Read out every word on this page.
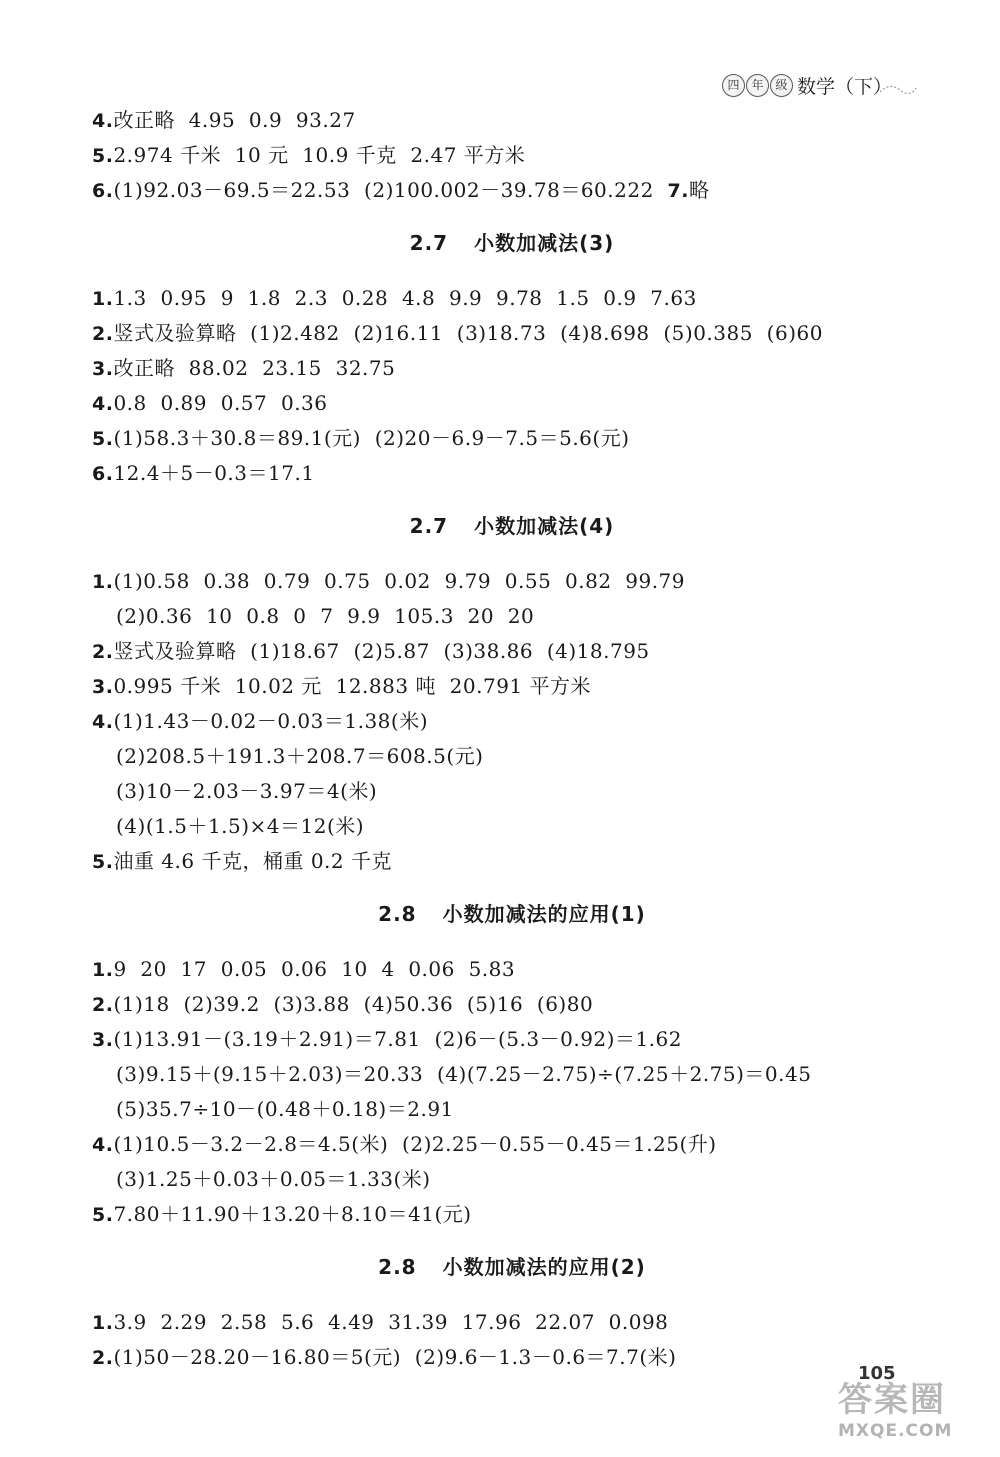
四 年 级 数学（下）
4.改正略  4.95  0.9  93.27
5.2.974 千米  10 元  10.9 千克  2.47 平方米
6.(1)92.03－69.5＝22.53  (2)100.002－39.78＝60.222  7.略
2.7 小数加减法(3)
1.1.3  0.95  9  1.8  2.3  0.28  4.8  9.9  9.78  1.5  0.9  7.63
2.竖式及验算略  (1)2.482  (2)16.11  (3)18.73  (4)8.698  (5)0.385  (6)60
3.改正略  88.02  23.15  32.75
4.0.8  0.89  0.57  0.36
5.(1)58.3＋30.8＝89.1(元)  (2)20－6.9－7.5＝5.6(元)
6.12.4＋5－0.3＝17.1
2.7 小数加减法(4)
1.(1)0.58  0.38  0.79  0.75  0.02  9.79  0.55  0.82  99.79
(2)0.36  10  0.8  0  7  9.9  105.3  20  20
2.竖式及验算略  (1)18.67  (2)5.87  (3)38.86  (4)18.795
3.0.995 千米  10.02 元  12.883 吨  20.791 平方米
4.(1)1.43－0.02－0.03＝1.38(米)
(2)208.5＋191.3＋208.7＝608.5(元)
(3)10－2.03－3.97＝4(米)
(4)(1.5＋1.5)×4＝12(米)
5.油重 4.6 千克，桶重 0.2 千克
2.8 小数加减法的应用(1)
1.9  20  17  0.05  0.06  10  4  0.06  5.83
2.(1)18  (2)39.2  (3)3.88  (4)50.36  (5)16  (6)80
3.(1)13.91－(3.19＋2.91)＝7.81  (2)6－(5.3－0.92)＝1.62
(3)9.15＋(9.15＋2.03)＝20.33  (4)(7.25－2.75)÷(7.25＋2.75)＝0.45
(5)35.7÷10－(0.48＋0.18)＝2.91
4.(1)10.5－3.2－2.8＝4.5(米)  (2)2.25－0.55－0.45＝1.25(升)
(3)1.25＋0.03＋0.05＝1.33(米)
5.7.80＋11.90＋13.20＋8.10＝41(元)
2.8 小数加减法的应用(2)
1.3.9  2.29  2.58  5.6  4.49  31.39  17.96  22.07  0.098
2.(1)50－28.20－16.80＝5(元)  (2)9.6－1.3－0.6＝7.7(米)
105
答案圈
MXQE.COM
